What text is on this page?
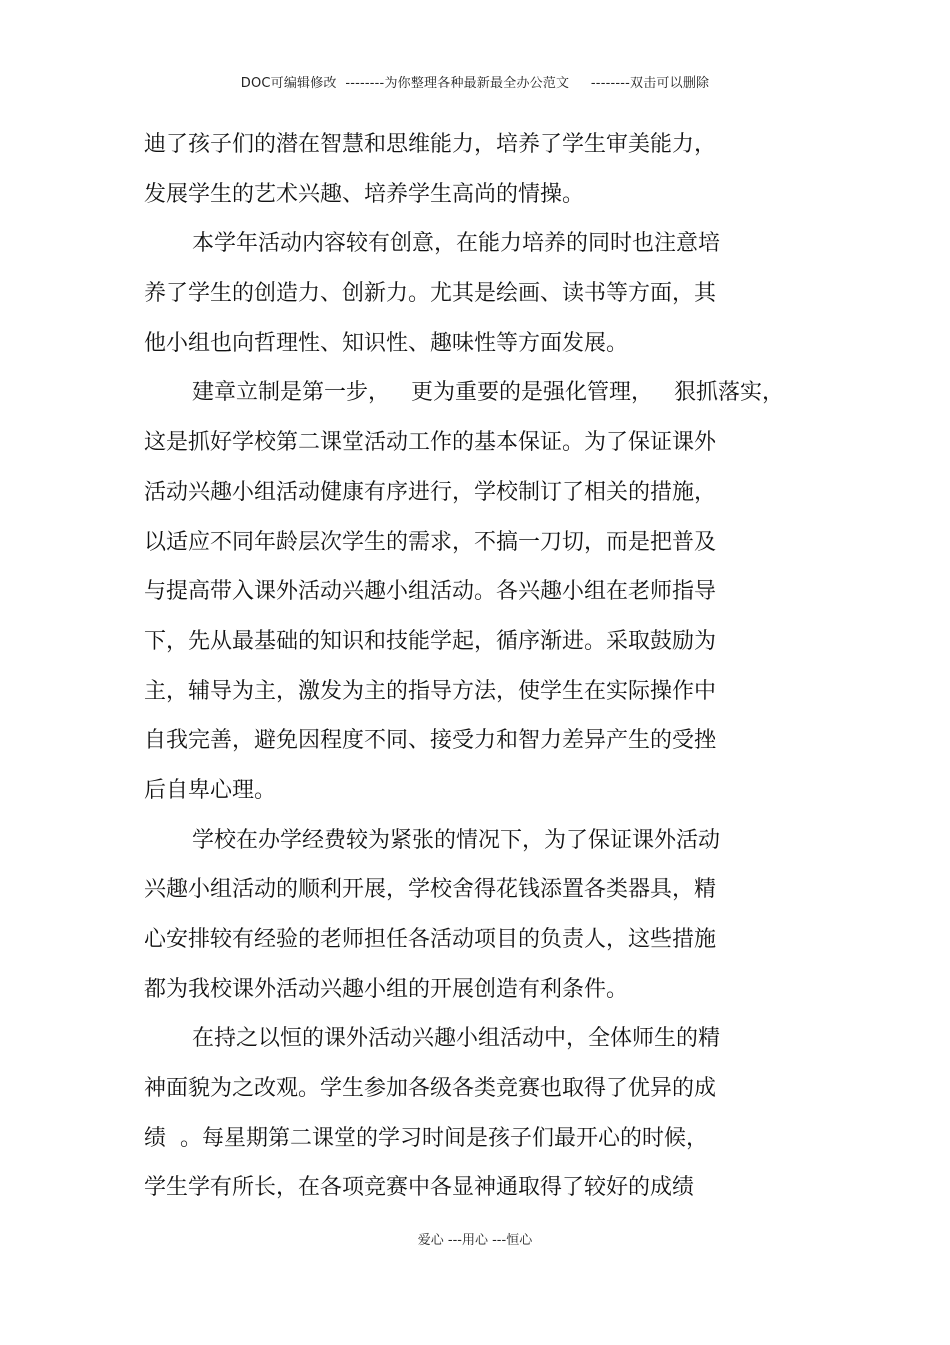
DOC可编辑修改  --------为你整理各种最新最全办公范文     --------双击可以删除
迪了孩子们的潜在智慧和思维能力，培养了学生审美能力，
发展学生的艺术兴趣、培养学生高尚的情操。
本学年活动内容较有创意，在能力培养的同时也注意培
养了学生的创造力、创新力。尤其是绘画、读书等方面，其
他小组也向哲理性、知识性、趣味性等方面发展。
建章立制是第一步，   更为重要的是强化管理，   狠抓落实，
这是抓好学校第二课堂活动工作的基本保证。为了保证课外
活动兴趣小组活动健康有序进行，学校制订了相关的措施，
以适应不同年龄层次学生的需求，不搞一刀切，而是把普及
与提高带入课外活动兴趣小组活动。各兴趣小组在老师指导
下，先从最基础的知识和技能学起，循序渐进。采取鼓励为
主，辅导为主，激发为主的指导方法，使学生在实际操作中
自我完善，避免因程度不同、接受力和智力差异产生的受挫
后自卑心理。
学校在办学经费较为紧张的情况下，为了保证课外活动
兴趣小组活动的顺利开展，学校舍得花钱添置各类器具，精
心安排较有经验的老师担任各活动项目的负责人，这些措施
都为我校课外活动兴趣小组的开展创造有利条件。
在持之以恒的课外活动兴趣小组活动中，全体师生的精
神面貌为之改观。学生参加各级各类竞赛也取得了优异的成
绩  。每星期第二课堂的学习时间是孩子们最开心的时候，
学生学有所长，在各项竞赛中各显神通取得了较好的成绩
爱心 ---用心 ---恒心
